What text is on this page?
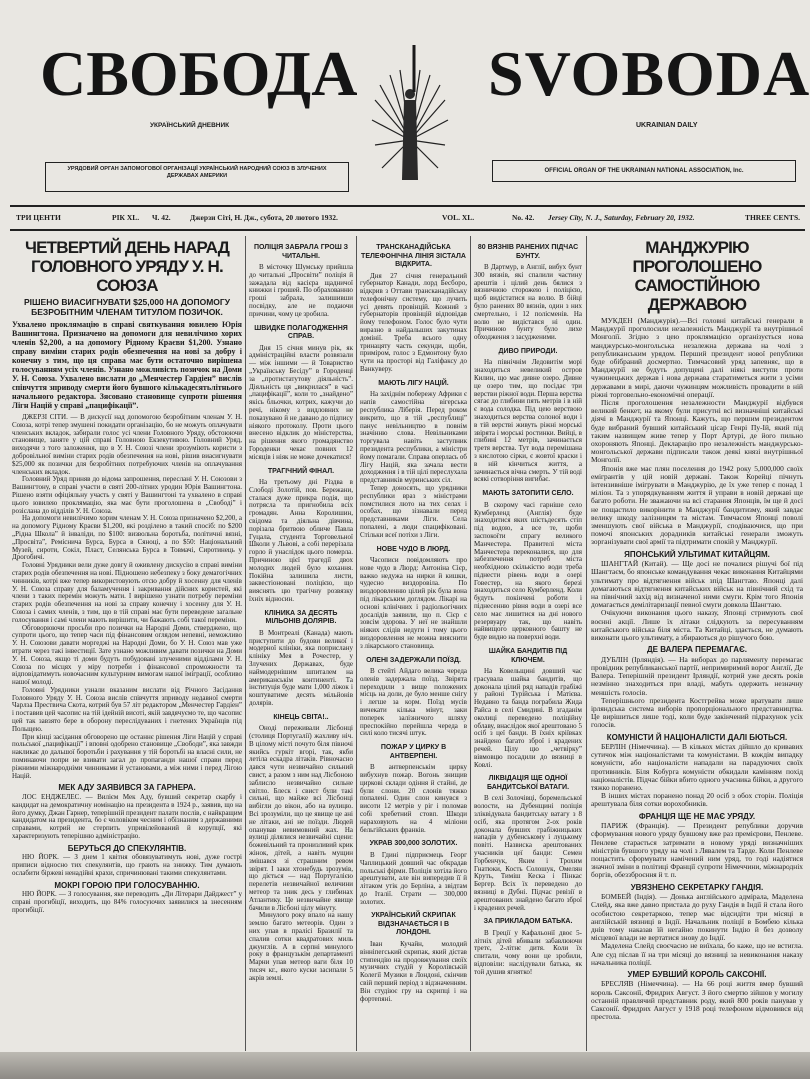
СВОБОДА SVOBODA
УКРАЇНСЬКИЙ ДНЕВНИК	UKRAINIAN DAILY
УРЯДОВИЙ ОРГАН ЗАПОМОГОВОЇ ОРГАНІЗАЦІЇ УКРАЇНСЬКИЙ НАРОДНИЙ СОЮЗ В ЗЛУЧЕНИХ ДЕРЖАВАХ АМЕРИКИ
OFFICIAL ORGAN OF THE UKRAINIAN NATIONAL ASSOCIATION, Inc.
ТРИ ЦЕНТИ	РІК XL. Ч. 42.	Джерзи Сіті, Н. Дж., субота, 20 лютого 1932.	VOL. XL.	No. 42. Jersey City, N. J., Saturday, February 20, 1932.	THREE CENTS.
ЧЕТВЕРТИЙ ДЕНЬ НАРАД ГОЛОВНОГО УРЯДУ У. Н. СОЮЗА
РІШЕНО ВИАСИГНУВАТИ $25,000 НА ДОПОМОГУ БЕЗРОБІТНИМ ЧЛЕНАМ ТИТУЛОМ ПОЗИЧОК.

Ухвалено проклямацію в справі святкування ювилею Юрія Вашингтона. Призначено на допомоги для невилічимо хорих членів $2,200, а на допомогу Рідному Краєви $1,200. Узнано справу виміни старих родів обезпечення на нові за добру і конечну з тим, що ця справа має бути остаточно вирішена голосуванням усіх членів. Узнано можливість позичок на Доми У. Н. Союза. Ухвалено вислати до „Менчестер Гардіен” вислів співчуття зприводу смерти його бувшого кількадесятьлітнього начального редактора. Зясовано становище супроти рішення Лігн Націй у справі „пацифікації”.

ДЖЕРЗІ СІТИ. — В дискусії над допомогою безробітним членам У. Н. Союза, котрі тепер змушені покидати організацію, бо не можуть оплачувати членських вкладок, забирали голос усі члени Головного Уряду, обстоюючи становище, заняте у цій справі Головною Екзекутивою. Головний Уряд, виходячи з того заложення, що в У. Н. Союзі члени зрозуміють користи з добровільної виміни старих родів обезпечення на нові, рішив виасигнувати $25,000 як позички для безробітних потребуючих членів на оплачування членських вкладок.

Головний Уряд приняв до відома запрошення, переслані У. Н. Союзови з Вашингтону, в справі участи в святі 200-літних уродин Юрія Вашингтона. Рішено взяти офіціяльну участь у святі у Вашингтоні та ухвалено в справі цього ювилею проклямацію, яка має бути проголошена в „Свободі” і розіслана до відділів У. Н. Союза.

На допомоги невилічимо хорим членам У. Н. Союза призначено $2,200, а на допомогу Рідному Краєви $1,200, які розділено в такий спосіб: по $200 „Рідна Школа” й інваліди, по $100: визвольна боротьба, політичні вязні, „Просвіта”, Ремісничa Бурса, Бурса в Сяноці, а по $50: Національний Музей, сироти, Сокіл, Пласт, Селянська Бурса в Товмачі, Сиротинець у Дрогобичі.

Головні Урядники вели дуже довгу й оживлену дискусію в справі виміни старих родів обезпечення на нові. Підношено небезпеку з боку демагогічних чинників, котрі вже тепер використовують отсю добру й хосенну для членів У. Н. Союза справу для баламучення і закривання дійсних користей, які члени з таких перемін можуть мати. І вирішено узнати потребу переміни старих родів обезпечення на нові за справу конечну і хосенну для У. Н. Союза і самих членів, з тим, що в тій справі має бути переведене загальне голосування і самі члени мають вирішити, чи бажають собі такої переміни.

Обговорюючи просьби про позички на Народні Доми, стверджено, що супроти цього, що тепер часи під фінансовим оглядом непевні, неможливо У. Н. Союзови давати моргеджі на Народні Доми, бо У. Н. Союз мав уже втрати через такі інвестиції. Зате узнано можливим давати позички на Доми У. Н. Союза, якщо ті доми будуть побудовані злученими відділами У. Н. Союза по місцях у міру потреби і фінансової спроможности та відповідатимуть новочасним культурним вимогам нашої іміграції, особливо нашої молоді.

Головні Урядники узнали вказаним вислати від Річного Засідання Головного Уряду У. Н. Союза вислів співчуття зприводу недавної смерти Чарлза Прествича Скота, котрий був 57 літ редактором „Менчестер Гардіен” і поставив цей часопис на тій ідейній висоті, якій завдячуємо те, що часопис цей так завзято бере в оборону переслідуваних і гнетених Українців під Польщею.

При кінці засідання обговорено ще останнє рішення Ліги Націй у справі польської „пацифікації” і вповні одобрено становище „Свободи”, яка завжди накликає до дальшої боротьби і рахування у тій боротьбі на власні сили, не поминаючи попри не взивати загал до пропаганди нашої справи перед ріжними міжнародніми чинниками й установами, а між ними і перед Лігою Націй.

МЕК АДУ ЗАЯВИВСЯ ЗА ГАРНЕРА.

ЛОС ЕНДЖЕЛЕС. — Вилієм Мек Аду, бувший секретар скарбу і кандидат на демократичну номінацію на президента в 1924 р., заявив, що на його думку, Джан Гарнер, теперішній президент палати послів, є найкращим кандидатом на президента, бо є чоловіком чесним і обізнаним з державними справами, котрий не стерпить упривілейований й корупції, які характеризують теперішню адміністрацію.

БЕРУТЬСЯ ДО СПЕКУЛЯНТІВ.

НЮ ЙОРК. — З днем 1 квітня обовязуватимуть нові, дуже гострі приписи відносно тих спекулянтів, що грають на знижку. Тим думають ослабити біржеві ненадійні крахи, спричинювані такими спекулянтами.

МОКРІ ГОРОЮ ПРИ ГОЛОСУВАННЮ.

НЮ ЙОРК. — З голосування, яке переводить „Ди Літерари Дайджест” у справі прогибіції, виходить, що 84% голосуючих заявилися за знесенням прогибіції.

ПОЛІЦІЯ ЗАБРАЛА ГРОШ З ЧИТАЛЬНІ.

В місточку Шумську прийшла до читальні „Просвіти” поліція й зажадала від касієра щадничої книжки і грошей. По обрахованню гроші забрала, залишивши посвідку, але не подаючи причини, чому це зробила.

ШВИДКЕ ПОЛАГОДЖЕННЯ СПРАВ.

Дня 15 січня минув рік, як адміністраційні власти розвязали — між іншими — й Товариство „Українську Бесіду” в Городенці за „протистатутову діяльність”. Діяльність ця „викрилася” в часі „пацифікації”, коли то „знайдено” якісь бльочки, котрих, кажучи до речі, нікому з видловних не показувано й не давано до підпису ніякого протоколу. Проти цього внесено відклик до міністерства, на рішення якого громадянство Городенки чекає повних 12 місяців і ніяк не може дочекатися!

ТРАГІЧНИЙ ФІНАЛ.

На третьому дні Різдва в Слободі Золотій, пов. Бережани, сталася дуже прикра подія, що потрясла та пригнобила всіх громадян. Анна Королишин, свідома та діяльна дівчина, порізала бритвою обличе Павла Гуцала, студента Торговельної Школи у Львові, а собі перерізала горло й унаслідок цього померла. Причиною цієї трагедії двох молодих людей було кохання. Покійна залишила листи, заквестіоновані поліцією, що вияснять цю трагічну розвязку їхніх відносин.

КЛІНИКА ЗА ДЕСЯТЬ МІЛЬОНІВ ДОЛЯРІВ.

В Монтреалі (Канада) мають приступити до будови великої і модерної клініки, яка поприслану клініку Мея в Рочестер, у Злучених Державах, буде наймодернішим шпиталем на американськім континенті. Та інституція буде мати 1,000 ліжок і коштуватиме десять мільйонів долярів.

КІНЕЦЬ СВІТА!..

Оноді переживали Лісбонці (столиця Португалії) жахливу ніч. В цілому місті почуто біля півночі якийсь гуркіт вгорі, так, якби летіла ескадра літаків. Рівночасно дався чути незвичайно сильний свист, а разом з ним над Лісбоною заблисло незвичайно сильне світло. Блеск і свист були такі сильні, що майже всі Лісбонці вибігли до вікон, або на вулицю. Всі зрозуміли, що це явище це ані не літаки, ані не поїзди. Людей опанував невимовний жах. На вулиці ділялися незвичайні сцени: божевільний та пронизливий крик жінок, дітей, а навіть мущин змішався зі страшним ревом звірят. І заки хтонебудь зрозумів, що діється — над Португалією перелетів незвичайної величини метеор та зник десь у глибинах Атлантику. Це незвичайне явище бачили в Лісбоні цілу мінуту.

Минулого року впало на нашу землю багато метеорів. Один з них упав в пралісі Бразилії та спалив сотки квадратових миль джунглів. А в серпні минулого року в французькім департаменті Марни упав метеор ваги біля 10 тисяч кг., якого куски засипали 5 акрів землі.

ТРАНСКАНАДІЙСЬКА ТЕЛЕФОНІЧНА ЛІНІЯ ЗІСТАЛА ВІДКРИТА.

Дня 27 січня генеральний губернатор Канади, лорд Бесборо, відкрив з Оттави трансканадійську телефонічну систему, що лучить усі девять провінцій. Кожний з губернаторів провінцій відповідав йому телефоном. Голос було чути виразно в найдальших закутинах домінії. Треба всього одну тринацяту часть секунди, щоби, примірoм, голос з Едмонтону було чути на просторі від Галіфаксу до Ванкуверу.

МАЮТЬ ЛІГУ НАЦІЙ.

На західнім побережу Африки є напів самостійна вігерська республика Ліберія. Перед роком викрито, що в тій „республиці” панує невільництво в повнім значінню слова. Невільниками торгувала навіть заступник президента республики, а міністри йому помагали. Справа оперлась об Лігу Націй, яка зачала вести доходження і в тій цілі переслухала представників муринських сіл.

Тепер доносять, що урядники республики враз з міністрами помстилися люто на тих селах і особах, що зізнавали перед представниками Ліги. Села попалені, а люди спацифіковані. Стільки всеї потіхи з Ліги.

НОВЕ ЧУДО В ЛЮРД.

Часописи повідомляють про нове чудо в Люрд: Антоніна Сієр, важко недужа на нирки й кишки, чудесно виздоровіла. По виздоровленню цілий рік була вона під лікарським доглядом. Лікарі на основі клінічних і радіольогічних досалідів заявили, що п. Сієр є зовсім здорова. У неї не знайшли ніяких слідів недуги і тому цього виздоровлення не можна вияснити з лікарського становища.

ОЛЕНІ ЗАДЕРЖАЛИ ПОЇЗД.

В стейті Айдагo велика череда оленів задержала поїзд. Звірята переходили з вище положених місць на доли, де було менше снігу і легше за корм. Поїзд мусів вичекати кілька мінут, заки поперек залізничого шляху преспокійно перейшла череда в силі коло тисячі штук.

ПОЖАР У ЦИРКУ В АНТВЕРПЕНІ.

В антверпенськім цирку вибухнув пожар. Вогонь знищив циркові склади одіння й стайні, де були слони. 20 слонів тяжко попалені. Один слон кинувся з висоти 12 метрів у ріг і поломав собі хребетний стовп. Шкоди нараховують на 4 міліони бельгійських франків.

УКРАВ 300,000 ЗОЛОТИХ.

В Гдині підприємець Георг Чаплицький довший час обкрадав польські фірми. Поліція хотіла його арештувати, але він випередив її й літаком утік до Берліна, а звідтам до Італії. Страти — 300,000 золотих.

УКРАЇНСЬКИЙ СКРИПАК ВІДЗНАЧАЄТЬСЯ І В ЛОНДОНІ.

Іван Кучайн, молодий вінніпегський скрипак, який дістав стипендію на продовжування своїх музичних студій у Королівській Колегії Музики в Лондоні, скінчив свій перший період з відзначенням. Він студіює гру на скрипці і на фортепяні.

80 ВЯЗНІВ РАНЕНИХ ПІДЧАС БУНТУ.

В Дартмур, в Англії, вибух бунт 300 вязнів, які спалили частину арештів і цілий день бялися з вязничною сторожею і поліцією, щоб видістатися на волю. В бійці було ранених 80 вязнів, один з них смертельно, і 12 полісменів. На волю не видістався ні один. Причиною бунту було лихе обходження з засудженими.

ДИВО ПРИРОДИ.

На північнім Ледовитім морі знаходиться невеликий остров Килин, що має дивне озеро. Дивне це озеро тим, що посідає три верстви ріжної води. Перша верства сягає до глибини пять метрів і в ній є вода солодка. Під цею верствою знаходиться верства солоної води і в тій верстві живуть ріжні морські звірята і морські ростинки. Вийці, в глибині 12 метрів, зачинається третя верства. Тут вода перемішана з кислотою сірки, є жовтої краски і в ній кінчиться життя, а зачинається вічна смерть. У тій воді всякі сотворіння вигибає.

МАЮТЬ ЗАТОПИТИ СЕЛО.

В скорому часі гарніше село Кумберленд (Англія) буде знаходитися яких шістьдесять стіп під водою, а все те, щоби заспокоїти спрагу великого Манчестера. Правителі міста Манчестера переконалися, що для забезпечення потреб міста необхідною скількістю води треба піднести рівень води в озері Говестер, на якого березі знаходиться село Кумберленд. Коли будуть покінчені роботи і піднесенню рівня води в озері все село має лишитися на дні нового резервуару так, що навіть найвищого церковного башту не буде видно на поверхні води.

ШАЙКА БАНДИТІВ ПІД КЛЮЧЕМ.

На Ковельщині довший час грасувала шайка бандитів, що доконала цілий ряд нападів грабіжі у районі Турійська і Матієва. Недавно та банда пограбила Жида Райса в селі Смидині. В згаданім околиці переведено поліційну облаву, внаслідок якої арештовано 5 осіб з цеї банди. В їхніх кріївках знайдено багато зброї і крадених речей. Цілу цю „четвірку” вівмовцю посадили до вязниці в Ковлі.

ЛІКВІДАЦІЯ ЩЕ ОДНОЇ БАНДИТСЬКОЇ ВАТАГИ.

В селі Золочівці, боремельської волости, на Дубенщині поліція зліквідувала бандитську ватагу з 8 осіб, яка протягом 2-ох років доконала бувших грабіжницьких нападів у дубенському і луцькому повіті. Назвиска арештованих учасників цеї банди: Семен Горбенчук, Яким і Трохим Гнатюки, Кость Солошук, Омелян Круть, Тиміш Кеска і Пінкас Бергер. Всіх їх переведено до вязниці в Дубні. Підчас ревізії в арештованих знайдено багато зброї і крадених речей.

ЗА ПРИКЛАДОМ БАТЬКА.

В Греції у Кафальонії двоє 5-літніх дітей вбивали забавлюючи третє, 2-літнє дитя. Коли їх спитали, чому вони це зробили, відповіли: наслідували батька, як той душив ягнятко!

МАНДЖУРІЮ ПРОГОЛОШЕНО САМОСТІЙНОЮ ДЕРЖАВОЮ

МУКДЕН (Манджурія).—Всі головні китайські генерали в Манджурії проголосили незалежність Манджурії та внутрішньої Монголії. Згідно з цею проклямацією організується нова манджурсько-монгольська незалежна держава на чолі з републиканським урядом. Перший президент нової републики буде обібраний досмертно. Тимчасовий уряд запевняє, що в Манджурії не будуть допущені далі ніякі виступи проти чужинецьких держав і нова держава старатиметься жити з усіми державами в мирі, даючи чужинцям можливість провадити в ній ріжні торговельно-економічні операції.

Після проголошення незалежности Манджурії відбувся великий бенкет, на якому були присутні всі визначніші китайські діячі в Манджурії та Японці. Кажуть, що першим президентом буде вибраний бувший китайський цісар Генрі Пу-Ій, який під таким назвищем живе тепер у Порт Артурі, де його пильно охороняють Японці. Декларацію про незалежність манджурсько-монгольської держави підписали також деякі князі внутрішньої Монголії.

Японія вже має плян поселення до 1942 року 5,000,000 своїх емігрантів у цій новій державі. Також Корейці пічнуть інтензивніше імігрувати в Манджурію, де їх уже тепер є понад 1 міліон. Та з упорядкуванням життя й управи в новій державі ще багато роботи. Не зважаючи на всі старання Японців, їм ще й досі не пощастило викорінити в Манджурії бандитизму, який завдає велику шкоду залізницям та містам. Тимчасом Японці поволі зменшують свої війська в Манджурії, сподіваючися, що при помочі японських дорадників китайські генерали зможуть зорганізувати свої армії та підтримати спокій у Манджурії.

ЯПОНСЬКИЙ УЛЬТИМАТ КИТАЙЦЯМ.

ШАНГТАЙ (Китай). — Ще досі не почалися рішучі бої під Шангтаєм, бо японське командування чекає виконання Китайцями ультимату про відтягнення військ зпід Шангтаю. Японці далі домагаються відтягнення китайських військ на північний схід та на північний захід від визначеної ними смуги. Крім того Японія домагається демілітаризації певної смуги довкола Шангтаю.

Очікуючи виконання цього наказу, Японці стримують свої воєнні акції. Лише їх літаки слідкують за пересуванням китайського війська біля міста. Та Китайці, здається, не думають виконати цього ультимату, а збираються до рішучого бою.

ДЕ ВАЛЕРА ПЕРЕМАГАЄ.

ДУБЛІН (Ірляндія). — На виборах до парляменту перемагає провідник републиканської партії, непримиримий ворог Англії, Де Валера. Теперішній президент Ірляндії, котрий уже десять років незмінно знаходиться при владі, мабуть одержить незначну меншість голосів.

Теперішнього президента Костгрейва може вратувати лише ірляндська система виборів пропорціонального представництва. Це вирішиться лише тоді, коли буде закінчений підрахунок усіх голосів.

КОМУНІСТИ Й НАЦІОНАЛІСТИ ДАЛІ БЮТЬСЯ.

БЕРЛІН (Німеччина). — В кількох містах дійшло до кривавих сутичок між націоналістами та комуністами. В кождім випадку комуністи, або націоналісти нападали на парадуючих своїх противників. Біля Кобурга комуністи обкидали камінням похід націоналістів. Підчас бійки вбито одного учасника бійки, а другого тяжко поранено.

В інших містах поранено понад 20 осіб з обох сторін. Поліція арештувала біля сотки ворохобників.

ФРАНЦІЯ ЩЕ НЕ МАЄ УРЯДУ.

ПАРИЖ (Франція). — Президент републики доручив сформування нового уряду бувшому вже раз премієрови, Пенлеве. Пенлеве старається затримати в новому уряді визначніших міністрів бувшого уряду на чолі з Лявалем та Тарде. Коли Пенлеве пощастить сформувати намічений ним уряд, то годі надіятися значної зміни в політиці Франції супроти Німеччини, міжнародніх боргів, обеззброєння й т. п.

УВЯЗНЕНО СЕКРЕТАРКУ ГАНДІЯ.

БОМБЕЙ (Індія). — Донька англійського адмірала, Маделена Слейд, яка вже давно пристала до руху Гандія в Індії й стала його особистою секретаркою, тепер має відсидіти три місяці в англійській вязниці в Індії. Начальник поліції в Бомбею кілька днів тому наказав їй негайно покинути Індію й без дозволу місцевої влади не вертатися знову до Індії.

Маделена Слейд своєчасно не виїхала, бо каже, що не встигла. Але суд післав її на три місяці до вязниці за невиконання наказу начальника поліції.

УМЕР БУВШИЙ КОРОЛЬ САКСОНІЇ.

БРЕСЛЯВ (Німеччина). — На 66 році життя вмер бувший король Саксонії, Фридрих Август. З його смертю зійшов у могилу останній правлячий представник роду, який 800 років панував у Саксонії. Фридрих Август у 1918 році телефоном відмовився від престола.
